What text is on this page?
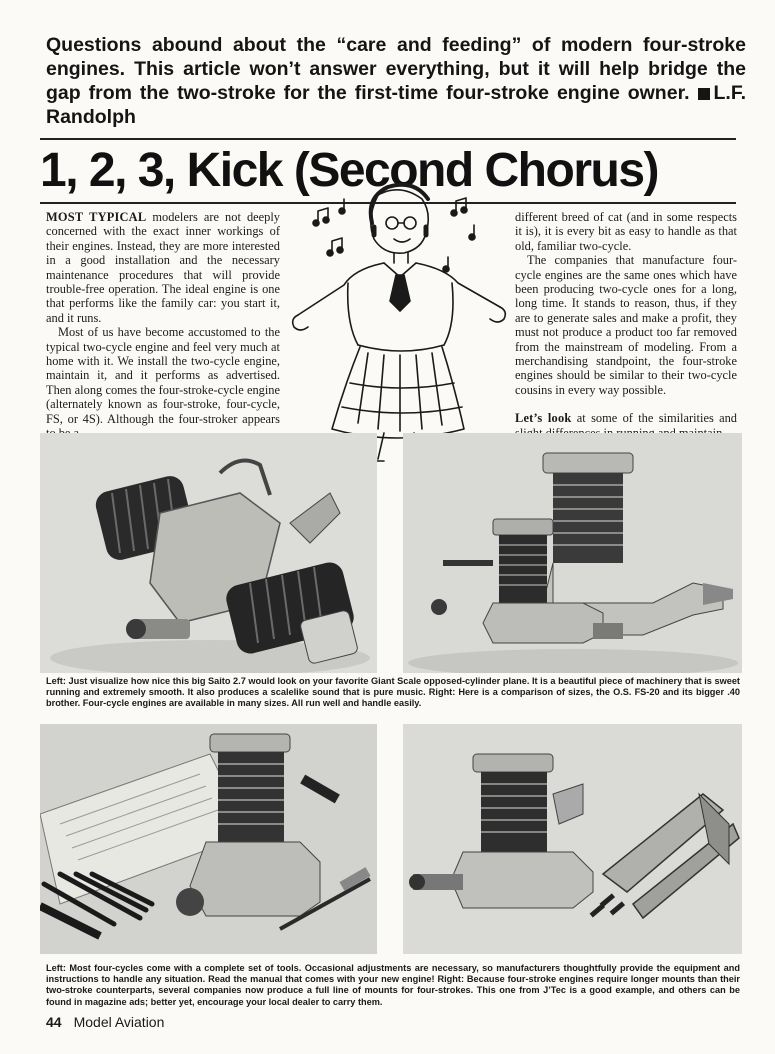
Questions abound about the “care and feeding” of modern four-stroke engines. This article won’t answer everything, but it will help bridge the gap from the two-stroke for the first-time four-stroke engine owner. L.F. Randolph
1, 2, 3, Kick (Second Chorus)

MOST TYPICAL modelers are not deeply concerned with the exact inner workings of their engines. Instead, they are more interested in a good installation and the necessary maintenance procedures that will provide trouble-free operation. The ideal engine is one that performs like the family car: you start it, and it runs.

Most of us have become accustomed to the typical two-cycle engine and feel very much at home with it. We install the two-cycle engine, maintain it, and it performs as advertised. Then along comes the four-stroke-cycle engine (alternately known as four-stroke, four-cycle, FS, or 4S). Although the four-stroker appears

different breed of cat (and in some respects it is), it is every bit as easy to handle as that old, familiar two-cycle.

The companies that manufacture four-cycle engines are the same ones which have been producing two-cycle ones for a long, long time. It stands to reason, thus, if they are to generate sales and make a profit, they must not produce a product too far removed from the mainstream of modeling. From a merchandising standpoint, the four-stroke engines should be similar to their two-cycle cousins in every way possible.

Let’s look at some of the similarities and

Left: Just visualize how nice this big Saito 2.7 would look on your favorite Giant Scale opposed-cylinder plane. It is a beautiful piece of machinery that is sweet running and extremely smooth. It also produces a scalelike sound that is pure music. Right: Here is a comparison of sizes, the O.S. FS-20 and its bigger .40 brother. Four-cycle engines are available in many sizes. All run well and handle easily.
Left: Most four-cycles come with a complete set of tools. Occasional adjustments are necessary, so manufacturers thoughtfully provide the equipment and instructions to handle any situation. Read the manual that comes with your new engine! Right: Because four-stroke engines require longer mounts than their two-stroke counterparts, several companies now produce a full line of mounts for four-strokes. This one from J’Tec is a good example, and others can be found in magazine ads; better yet, encourage your local dealer to carry them.
44 Model Aviation
